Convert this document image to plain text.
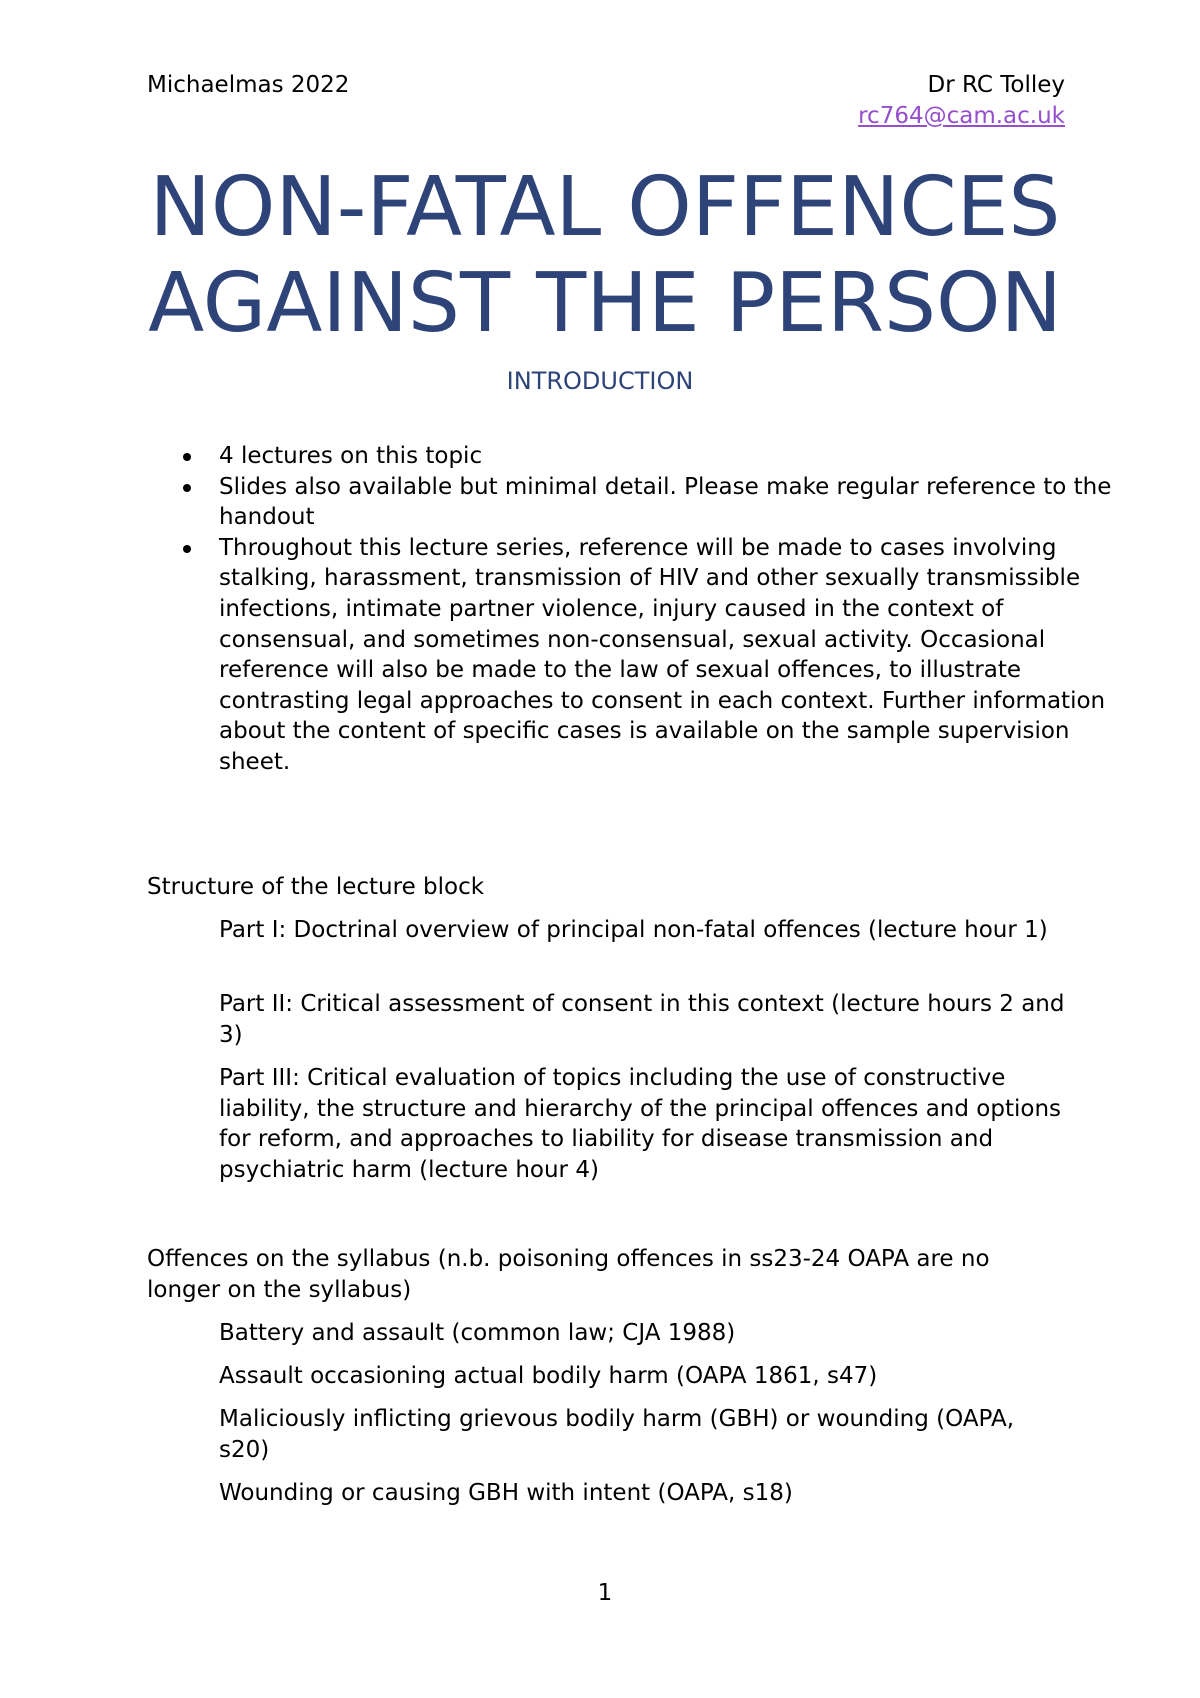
Michaelmas 2022	Dr RC Tolley
rc764@cam.ac.uk
NON-FATAL OFFENCES
AGAINST THE PERSON
INTRODUCTION
4 lectures on this topic
Slides also available but minimal detail. Please make regular reference to the handout
Throughout this lecture series, reference will be made to cases involving stalking, harassment, transmission of HIV and other sexually transmissible infections, intimate partner violence, injury caused in the context of consensual, and sometimes non-consensual, sexual activity. Occasional reference will also be made to the law of sexual offences, to illustrate contrasting legal approaches to consent in each context. Further information about the content of specific cases is available on the sample supervision sheet.
Structure of the lecture block
Part I: Doctrinal overview of principal non-fatal offences (lecture hour 1)
Part II: Critical assessment of consent in this context (lecture hours 2 and 3)
Part III: Critical evaluation of topics including the use of constructive liability, the structure and hierarchy of the principal offences and options for reform, and approaches to liability for disease transmission and psychiatric harm (lecture hour 4)
Offences on the syllabus (n.b. poisoning offences in ss23-24 OAPA are no longer on the syllabus)
Battery and assault (common law; CJA 1988)
Assault occasioning actual bodily harm (OAPA 1861, s47)
Maliciously inflicting grievous bodily harm (GBH) or wounding (OAPA, s20)
Wounding or causing GBH with intent (OAPA, s18)
1
